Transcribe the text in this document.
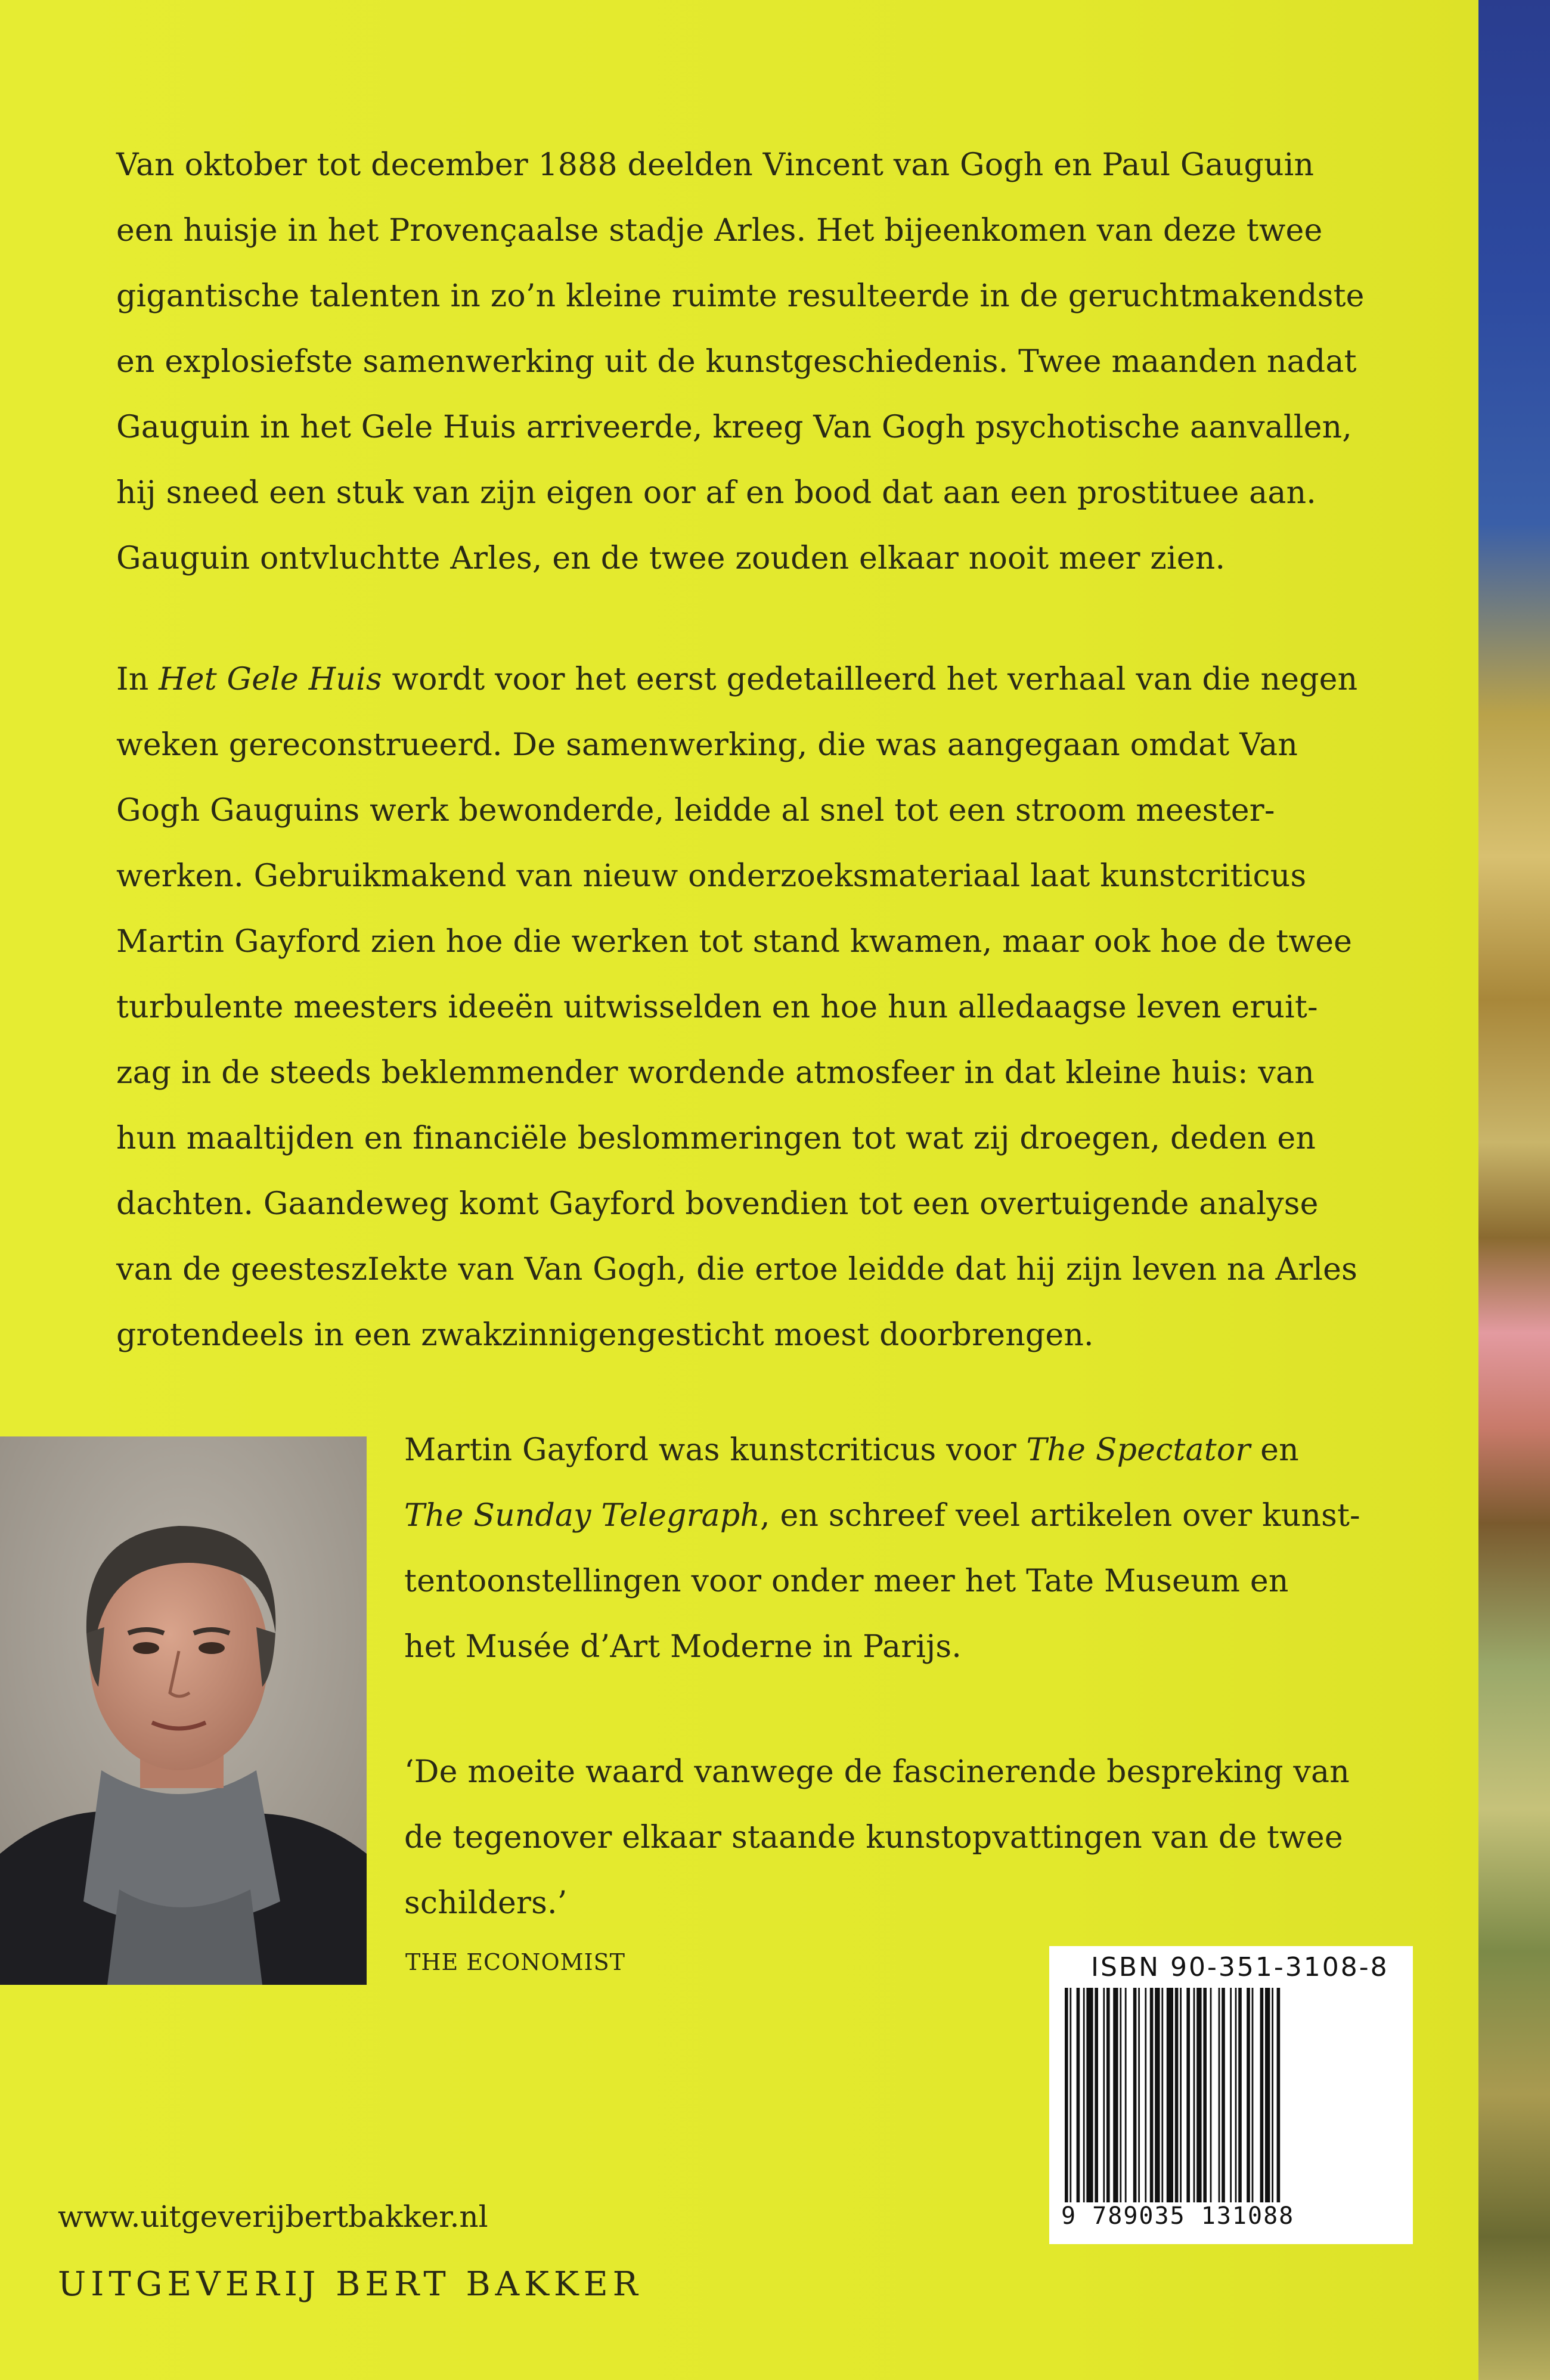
Van oktober tot december 1888 deelden Vincent van Gogh en Paul Gauguin
een huisje in het Provençaalse stadje Arles. Het bijeenkomen van deze twee
gigantische talenten in zo’n kleine ruimte resulteerde in de geruchtmakendste
en explosiefste samenwerking uit de kunstgeschiedenis. Twee maanden nadat
Gauguin in het Gele Huis arriveerde, kreeg Van Gogh psychotische aanvallen,
hij sneed een stuk van zijn eigen oor af en bood dat aan een prostituee aan.
Gauguin ontvluchtte Arles, en de twee zouden elkaar nooit meer zien.
In Het Gele Huis wordt voor het eerst gedetailleerd het verhaal van die negen
weken gereconstrueerd. De samenwerking, die was aangegaan omdat Van
Gogh Gauguins werk bewonderde, leidde al snel tot een stroom meester-
werken. Gebruikmakend van nieuw onderzoeksmateriaal laat kunstcriticus
Martin Gayford zien hoe die werken tot stand kwamen, maar ook hoe de twee
turbulente meesters ideeën uitwisselden en hoe hun alledaagse leven eruit-
zag in de steeds beklemmender wordende atmosfeer in dat kleine huis: van
hun maaltijden en financiële beslommeringen tot wat zij droegen, deden en
dachten. Gaandeweg komt Gayford bovendien tot een overtuigende analyse
van de geesteszIekte van Van Gogh, die ertoe leidde dat hij zijn leven na Arles
grotendeels in een zwakzinnigengesticht moest doorbrengen.
Martin Gayford was kunstcriticus voor The Spectator en
The Sunday Telegraph, en schreef veel artikelen over kunst-
tentoonstellingen voor onder meer het Tate Museum en
het Musée d’Art Moderne in Parijs.
‘De moeite waard vanwege de fascinerende bespreking van
de tegenover elkaar staande kunstopvattingen van de twee
schilders.’
THE ECONOMIST	ISBN 90-351-3108-8
9 789035 131088
www.uitgeverijbertbakker.nl
UITGEVERIJ BERT BAKKER
